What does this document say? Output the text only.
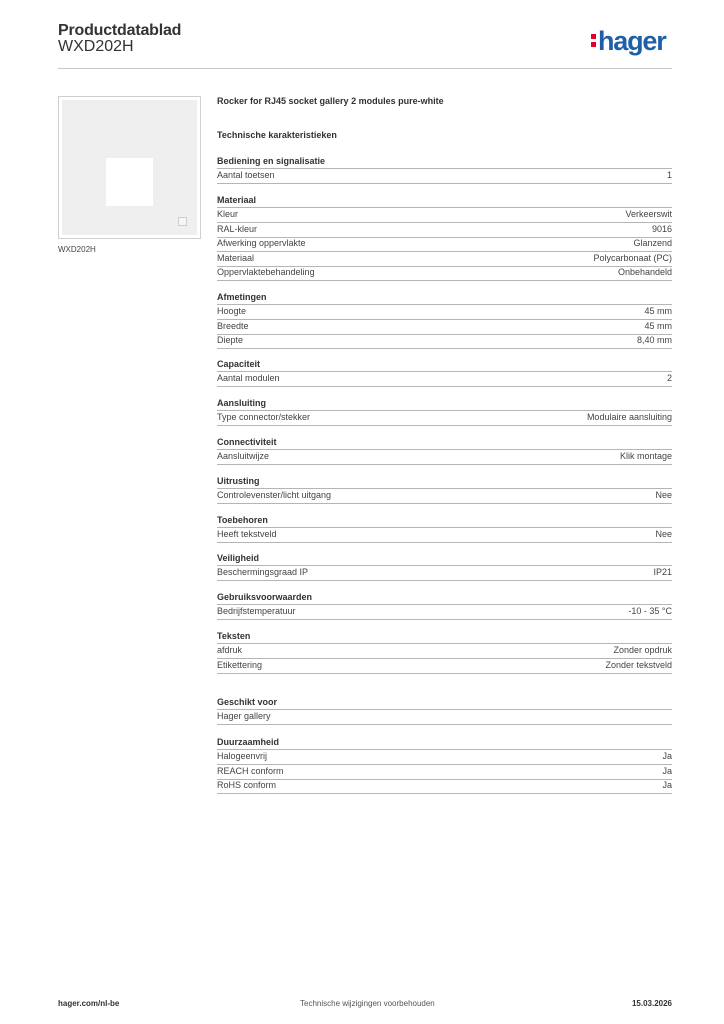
Productdatablad
WXD202H	hager
WXD202H
Rocker for RJ45 socket gallery 2 modules pure-white
Technische karakteristieken
Bediening en signalisatie
Aantal toetsen	1
Materiaal
Kleur	Verkeerswit
RAL-kleur	9016
Afwerking oppervlakte	Glanzend
Materiaal	Polycarbonaat (PC)
Oppervlaktebehandeling	Onbehandeld
Afmetingen
Hoogte	45 mm
Breedte	45 mm
Diepte	8,40 mm
Capaciteit
Aantal modulen	2
Aansluiting
Type connector/stekker	Modulaire aansluiting
Connectiviteit
Aansluitwijze	Klik montage
Uitrusting
Controlevenster/licht uitgang	Nee
Toebehoren
Heeft tekstveld	Nee
Veiligheid
Beschermingsgraad IP	IP21
Gebruiksvoorwaarden
Bedrijfstemperatuur	-10 - 35 °C
Teksten
afdruk	Zonder opdruk
Etikettering	Zonder tekstveld
Geschikt voor
Hager gallery
Duurzaamheid
Halogeenvrij	Ja
REACH conform	Ja
RoHS conform	Ja
hager.com/nl-be	Technische wijzigingen voorbehouden	15.03.2026
